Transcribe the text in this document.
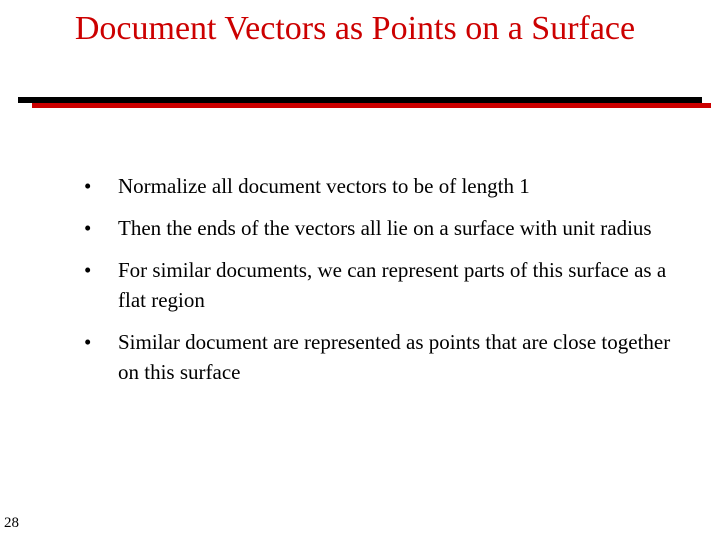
Document Vectors as Points on a Surface
• Normalize all document vectors to be of length 1
• Then the ends of the vectors all lie on a surface with unit radius
• For similar documents, we can represent parts of this surface as a flat region
• Similar document are represented as points that are close together on this surface
28
